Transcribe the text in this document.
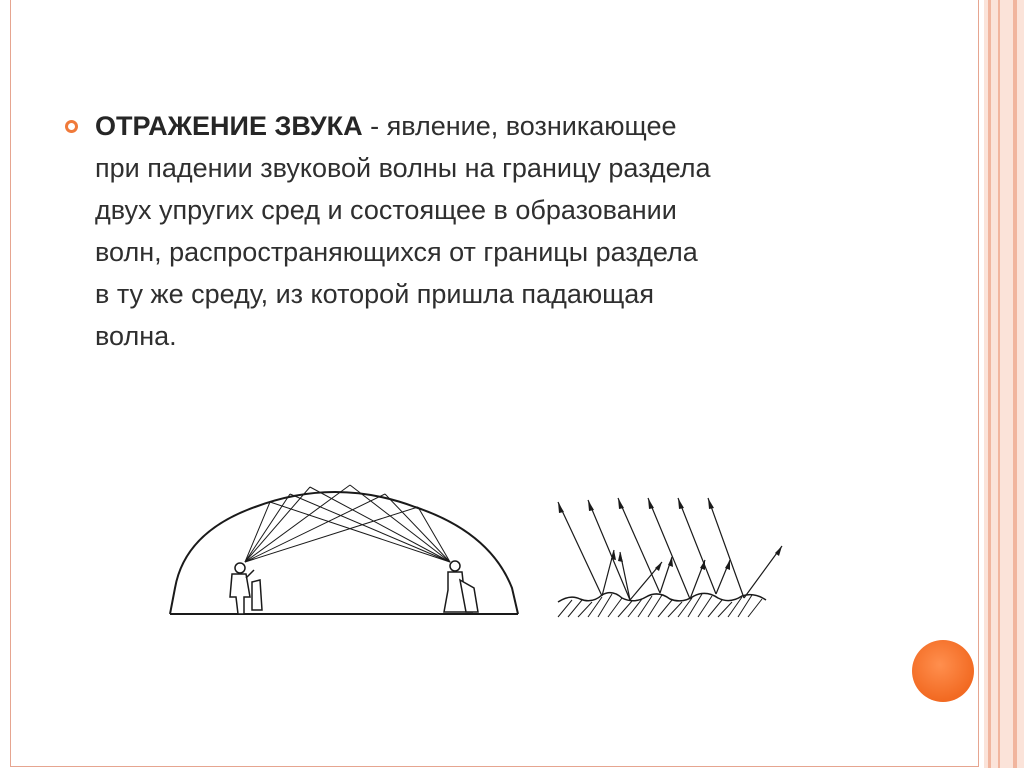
ОТРАЖЕНИЕ ЗВУКА - явление, возникающее
при падении звуковой волны на границу раздела
двух упругих сред и состоящее в образовании
волн, распространяющихся от границы раздела
в ту же среду, из которой пришла падающая
волна.
